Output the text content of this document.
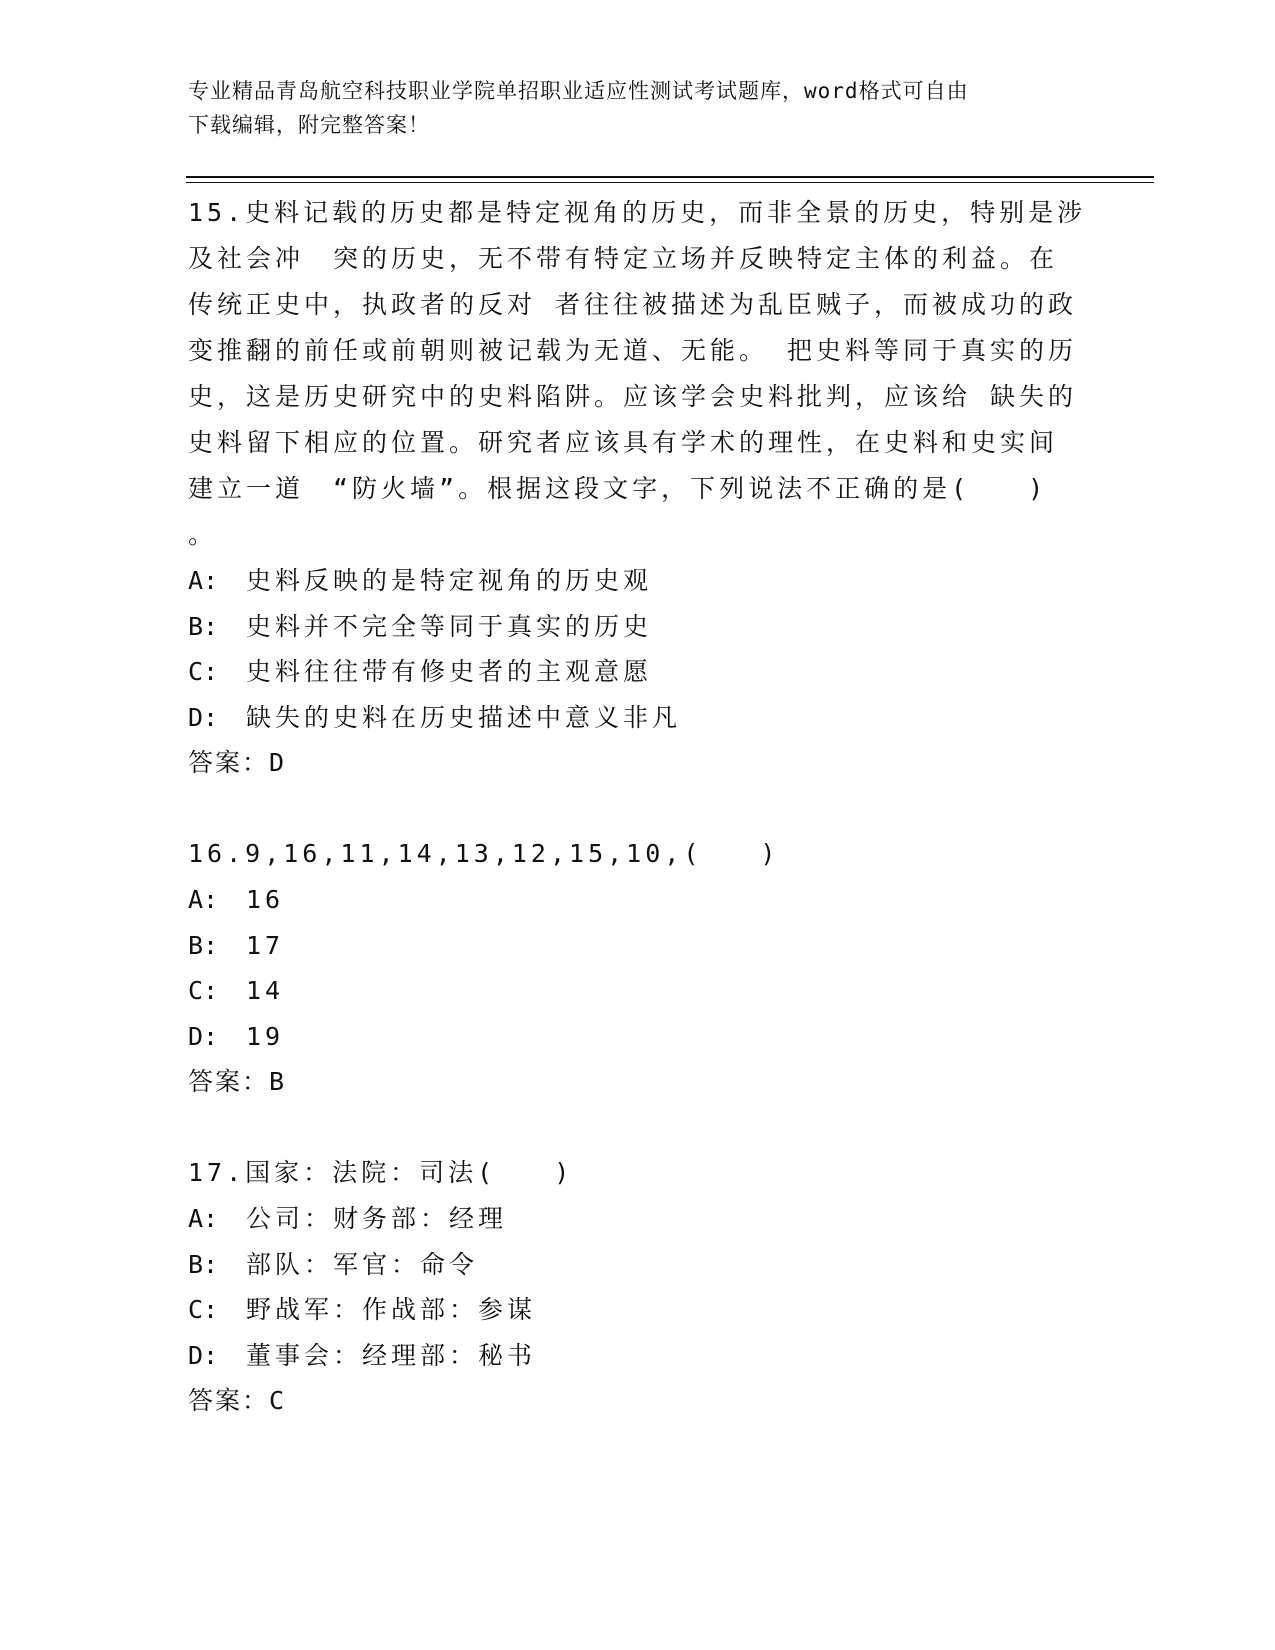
专业精品青岛航空科技职业学院单招职业适应性测试考试题库，word格式可自由
下载编辑，附完整答案！
15.史料记载的历史都是特定视角的历史，而非全景的历史，特别是涉
及社会冲　突的历史，无不带有特定立场并反映特定主体的利益。在
传统正史中，执政者的反对 者往往被描述为乱臣贼子，而被成功的政
变推翻的前任或前朝则被记载为无道、无能。 把史料等同于真实的历
史，这是历史研究中的史料陷阱。应该学会史料批判，应该给 缺失的
史料留下相应的位置。研究者应该具有学术的理性，在史料和史实间
建立一道　“防火墙”。根据这段文字，下列说法不正确的是(　　)
。
A: 史料反映的是特定视角的历史观
B: 史料并不完全等同于真实的历史
C: 史料往往带有修史者的主观意愿
D: 缺失的史料在历史描述中意义非凡
答案：D
16.9,16,11,14,13,12,15,10,(　　)
A: 16
B: 17
C: 14
D: 19
答案：B
17.国家：法院：司法(　　)
A: 公司：财务部：经理
B: 部队：军官：命令
C: 野战军：作战部：参谋
D: 董事会：经理部：秘书
答案：C
